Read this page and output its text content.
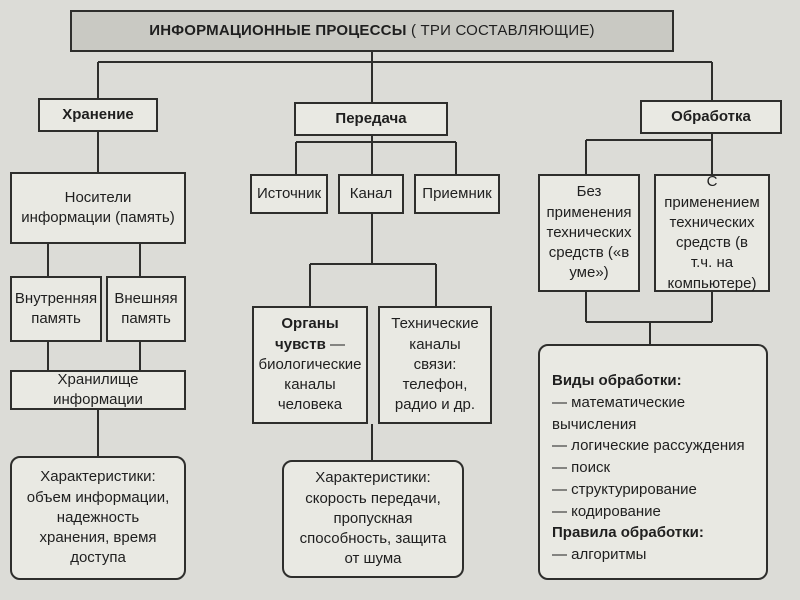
ИНФОРМАЦИОННЫЕ ПРОЦЕССЫ
( ТРИ СОСТАВЛЯЮЩИЕ)
Хранение	Передача	Обработка
Носители информации (память)
Внутренняя память
Внешняя память
Хранилище информации
Характеристики:
объем информации, надежность хранения, время доступа
Источник Канал Приемник
Органы чувств — биологические каналы человека
Технические каналы связи: телефон, радио и др.
Характеристики:
скорость передачи, пропускная способность, защита от шума
Без применения технических средств («в уме»)
С применением технических средств (в т.ч. на компьютере)
Виды обработки:
— математические вычисления
— логические рассуждения
— поиск
— структурирование
— кодирование
Правила обработки:
— алгоритмы
